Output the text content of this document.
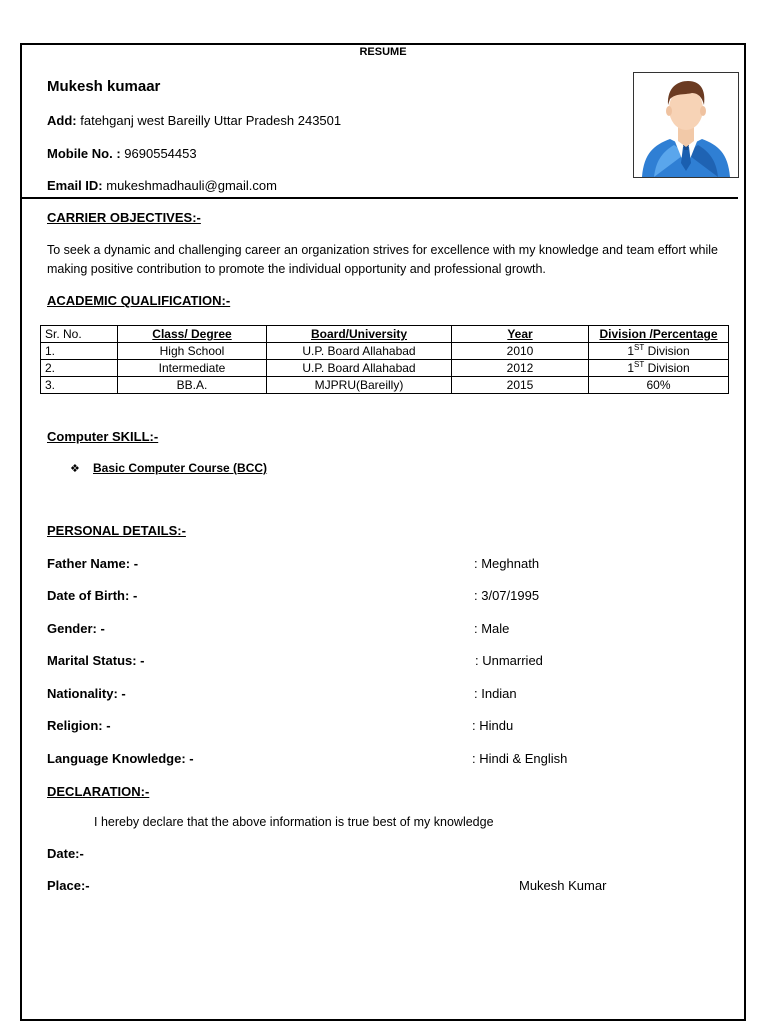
RESUME
Mukesh kumaar
Add: fatehganj west Bareilly Uttar Pradesh 243501
Mobile No. : 9690554453
Email ID: mukeshmadhauli@gmail.com
CARRIER OBJECTIVES:-
To seek a dynamic and challenging career an organization strives for excellence with my knowledge and team effort while making positive contribution to promote the individual opportunity and professional growth.
ACADEMIC QUALIFICATION:-
Sr. No.	Class/ Degree	Board/University	Year	Division /Percentage
1.	High School	U.P. Board Allahabad	2010	1ST Division
2.	Intermediate	U.P. Board Allahabad	2012	1ST Division
3.	BB.A.	MJPRU(Bareilly)	2015	60%
Computer SKILL:-
❖ Basic Computer Course (BCC)
PERSONAL DETAILS:-
Father Name: -	: Meghnath
Date of Birth: -	: 3/07/1995
Gender: -	: Male
Marital Status: -	: Unmarried
Nationality: -	: Indian
Religion: -	: Hindu
Language Knowledge: -	: Hindi & English
DECLARATION:-
I hereby declare that the above information is true best of my knowledge
Date:-
Place:-	Mukesh Kumar
